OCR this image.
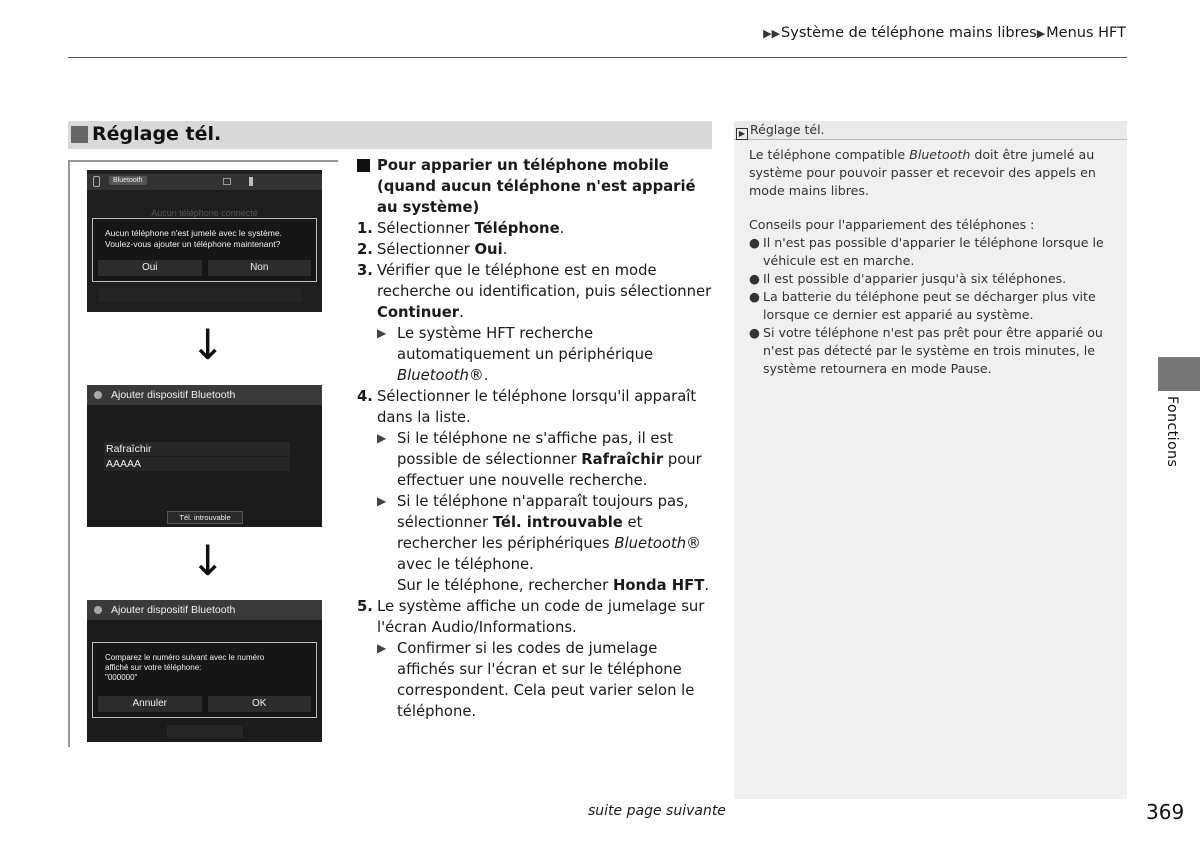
▶▶Système de téléphone mains libres▶Menus HFT
Réglage tél.
Bluetooth
Aucun téléphone connecté
Aucun téléphone n'est jumelé avec le système.
Voulez-vous ajouter un téléphone maintenant?
Oui	Non
↓
Ajouter dispositif Bluetooth
Rafraîchir
AAAAA
Tél. introuvable
↓
Ajouter dispositif Bluetooth
Comparez le numéro suivant avec le numéro
affiché sur votre téléphone:
"000000"
Annuler	OK
Pour apparier un téléphone mobile (quand aucun téléphone n'est apparié au système)
1. Sélectionner Téléphone.
2. Sélectionner Oui.
3. Vérifier que le téléphone est en mode recherche ou identification, puis sélectionner Continuer.
▶ Le système HFT recherche automatiquement un périphérique Bluetooth®.
4. Sélectionner le téléphone lorsqu'il apparaît dans la liste.
▶ Si le téléphone ne s'affiche pas, il est possible de sélectionner Rafraîchir pour effectuer une nouvelle recherche.
▶ Si le téléphone n'apparaît toujours pas, sélectionner Tél. introuvable et rechercher les périphériques Bluetooth® avec le téléphone.
Sur le téléphone, rechercher Honda HFT.
5. Le système affiche un code de jumelage sur l'écran Audio/Informations.
▶ Confirmer si les codes de jumelage affichés sur l'écran et sur le téléphone correspondent. Cela peut varier selon le téléphone.
▶ Réglage tél.

Le téléphone compatible Bluetooth doit être jumelé au système pour pouvoir passer et recevoir des appels en mode mains libres.

Conseils pour l'appariement des téléphones :
● Il n'est pas possible d'apparier le téléphone lorsque le véhicule est en marche.
● Il est possible d'apparier jusqu'à six téléphones.
● La batterie du téléphone peut se décharger plus vite lorsque ce dernier est apparié au système.
● Si votre téléphone n'est pas prêt pour être apparié ou n'est pas détecté par le système en trois minutes, le système retournera en mode Pause.
Fonctions
suite page suivante	369
